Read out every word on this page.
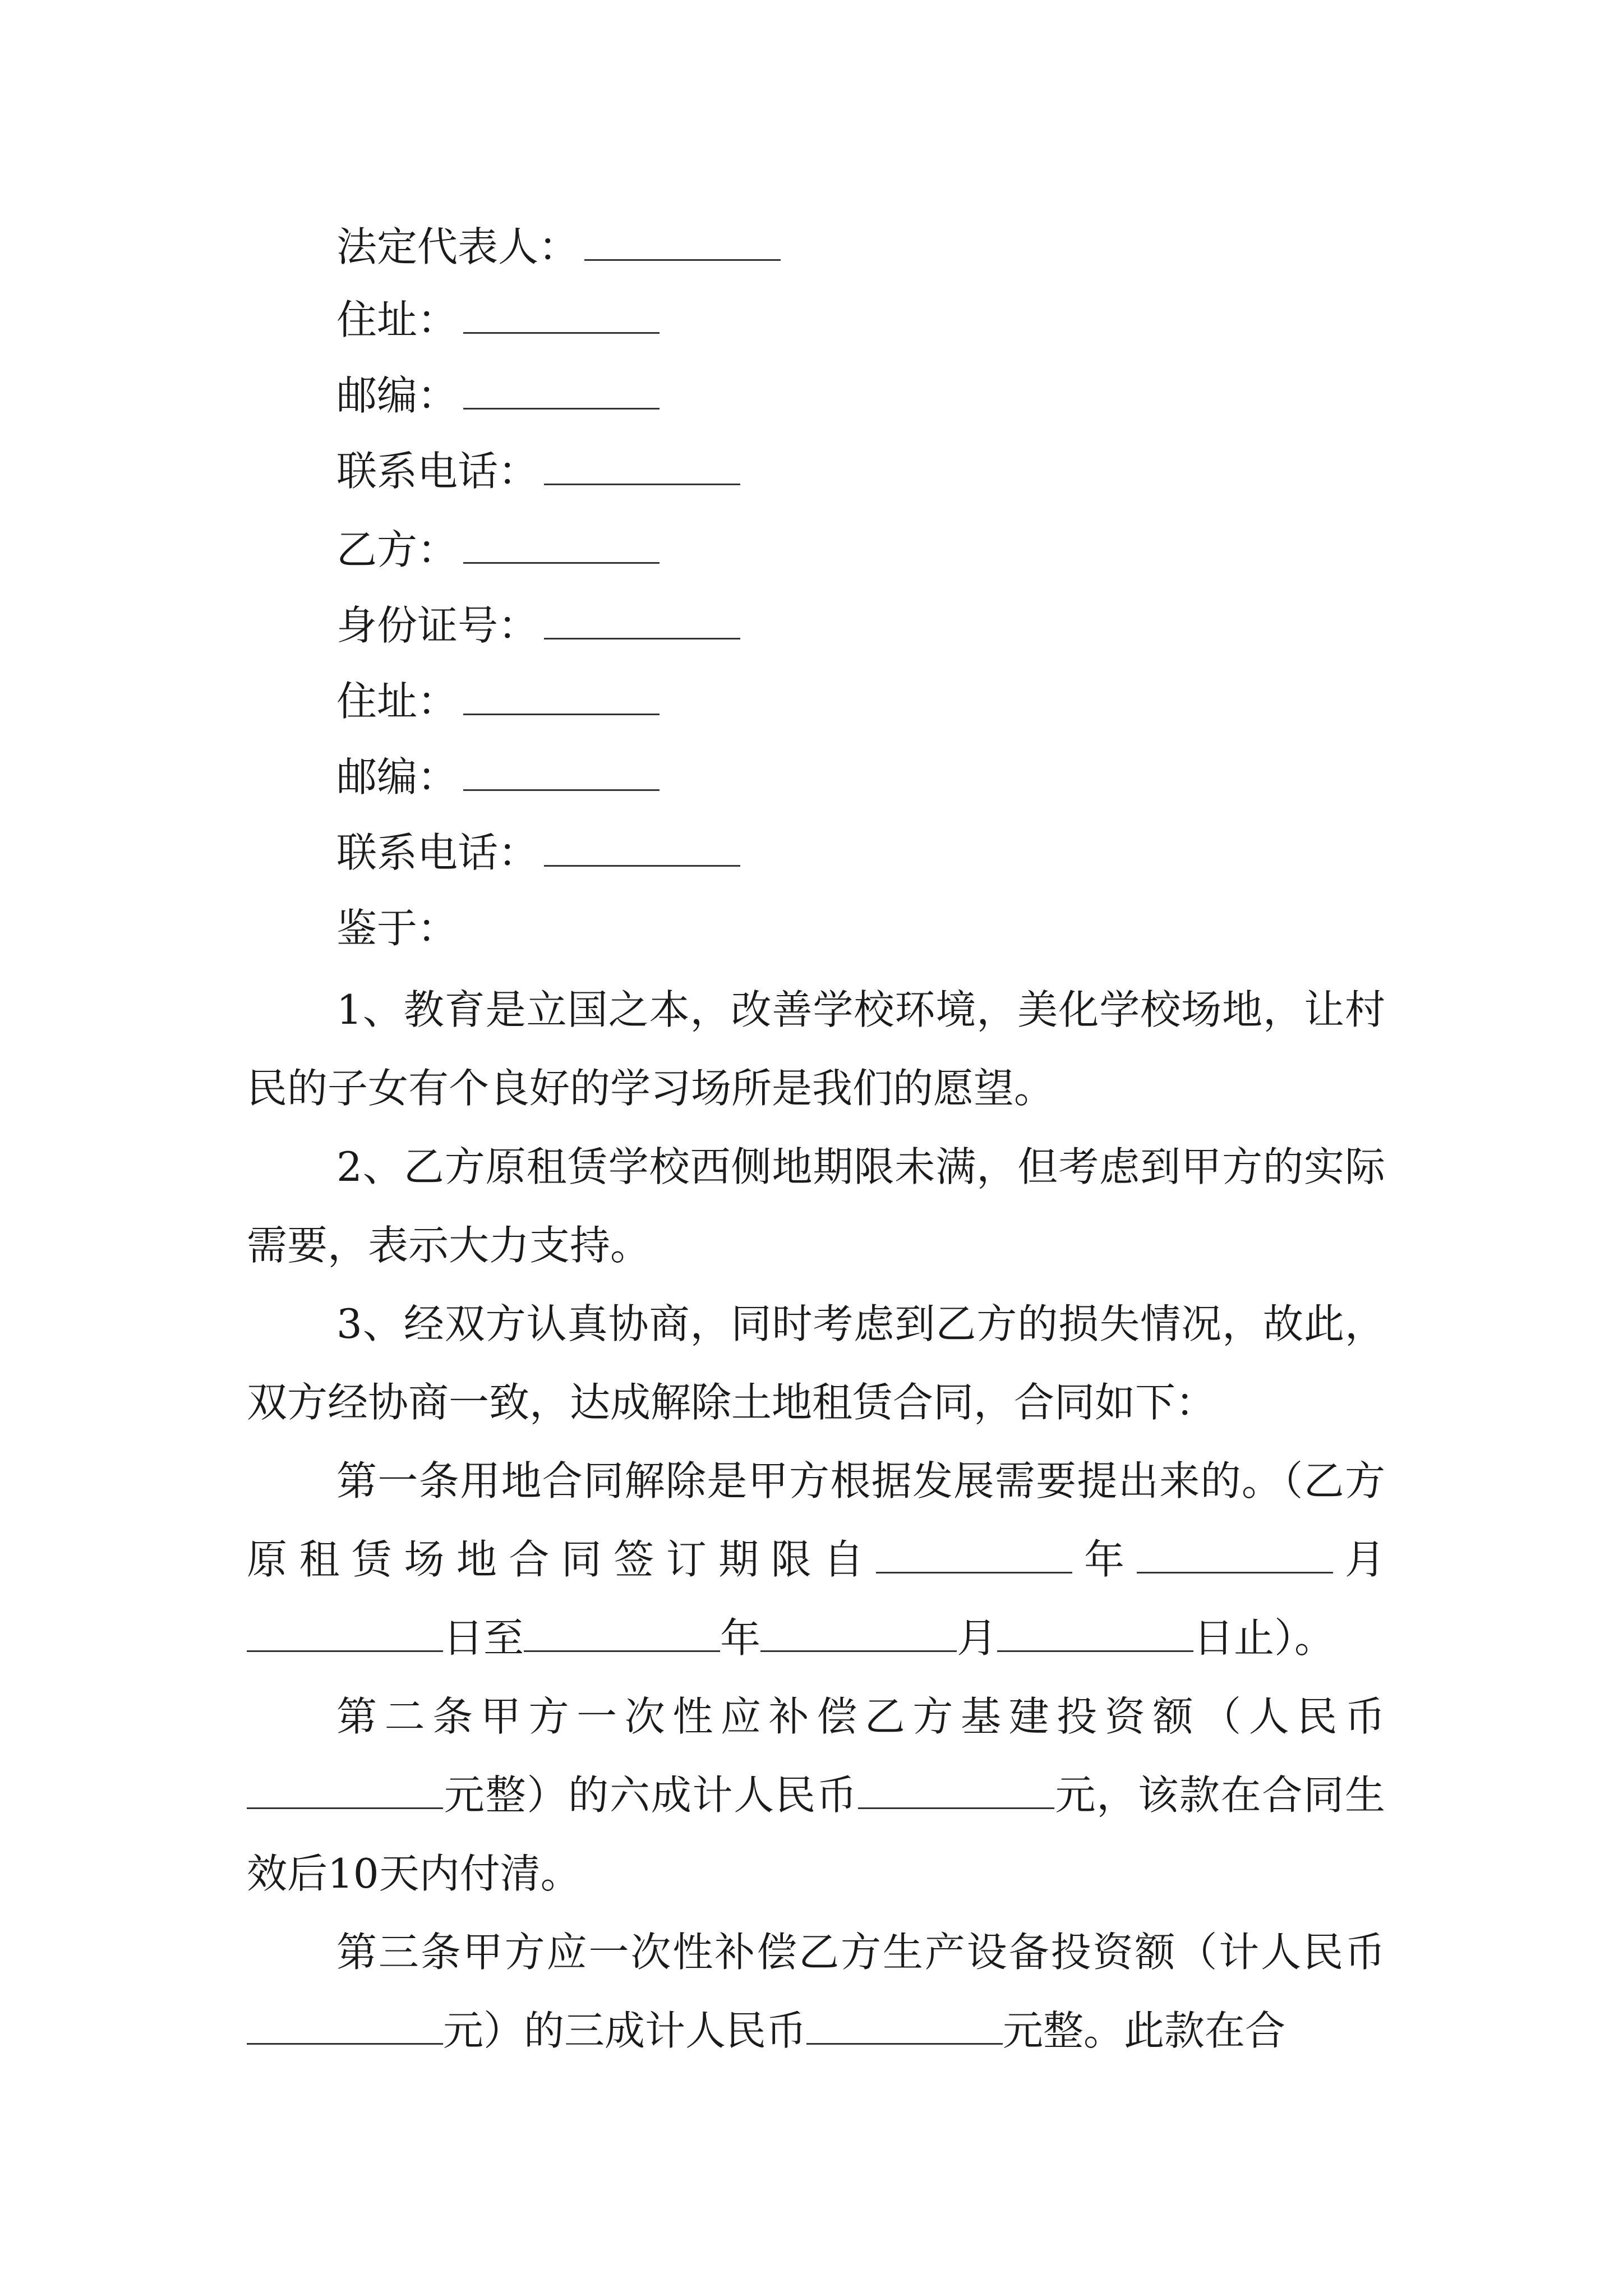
法定代表人：
住址：
邮编：
联系电话：
乙方：
身份证号：
住址：
邮编：
联系电话：
鉴于：
1、教育是立国之本，改善学校环境，美化学校场地，让村民的子女有个良好的学习场所是我们的愿望。
2、乙方原租赁学校西侧地期限未满，但考虑到甲方的实际需要，表示大力支持。
3、经双方认真协商，同时考虑到乙方的损失情况，故此，双方经协商一致，达成解除土地租赁合同，合同如下：
第一条用地合同解除是甲方根据发展需要提出来的。（乙方原租赁场地合同签订期限自	年	月日至	年	月	日止）。
第二条甲方一次性应补偿乙方基建投资额（人民币元整）的六成计人民币	元，该款在合同生效后10天内付清。
第三条甲方应一次性补偿乙方生产设备投资额（计人民币元）的三成计人民币	元整。此款在合
